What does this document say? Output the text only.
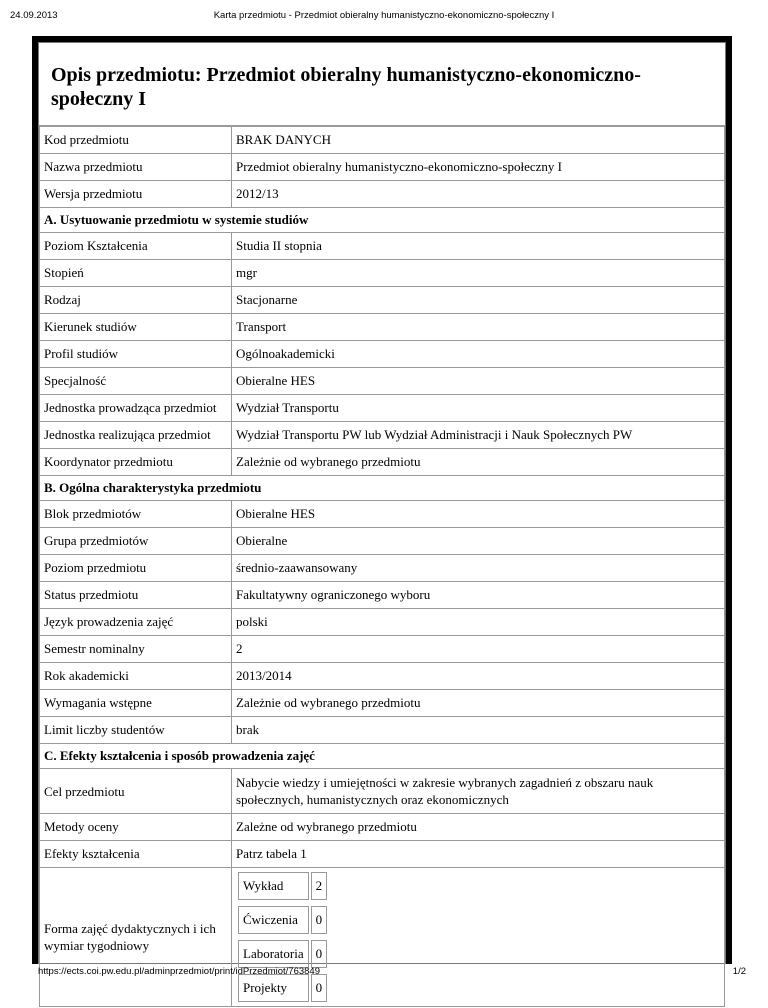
24.09.2013	Karta przedmiotu - Przedmiot obieralny humanistyczno-ekonomiczno-społeczny I
Opis przedmiotu: Przedmiot obieralny humanistyczno-ekonomiczno-społeczny I
Kod przedmiotu	BRAK DANYCH
Nazwa przedmiotu	Przedmiot obieralny humanistyczno-ekonomiczno-społeczny I
Wersja przedmiotu	2012/13
A. Usytuowanie przedmiotu w systemie studiów
Poziom Kształcenia	Studia II stopnia
Stopień	mgr
Rodzaj	Stacjonarne
Kierunek studiów	Transport
Profil studiów	Ogólnoakademicki
Specjalność	Obieralne HES
Jednostka prowadząca przedmiot	Wydział Transportu
Jednostka realizująca przedmiot	Wydział Transportu PW lub Wydział Administracji i Nauk Społecznych PW
Koordynator przedmiotu	Zależnie od wybranego przedmiotu
B. Ogólna charakterystyka przedmiotu
Blok przedmiotów	Obieralne HES
Grupa przedmiotów	Obieralne
Poziom przedmiotu	średnio-zaawansowany
Status przedmiotu	Fakultatywny ograniczonego wyboru
Język prowadzenia zajęć	polski
Semestr nominalny	2
Rok akademicki	2013/2014
Wymagania wstępne	Zależnie od wybranego przedmiotu
Limit liczby studentów	brak
C. Efekty kształcenia i sposób prowadzenia zajęć
Cel przedmiotu	Nabycie wiedzy i umiejętności w zakresie wybranych zagadnień z obszaru nauk społecznych, humanistycznych oraz ekonomicznych
Metody oceny	Zależne od wybranego przedmiotu
Efekty kształcenia	Patrz tabela 1
Forma zajęć dydaktycznych i ich wymiar tygodniowy	
Wykład	2
Ćwiczenia	0
Laboratoria	0
Projekty	0
https://ects.coi.pw.edu.pl/adminprzedmiot/print/idPrzedmiot/763849	1/2
